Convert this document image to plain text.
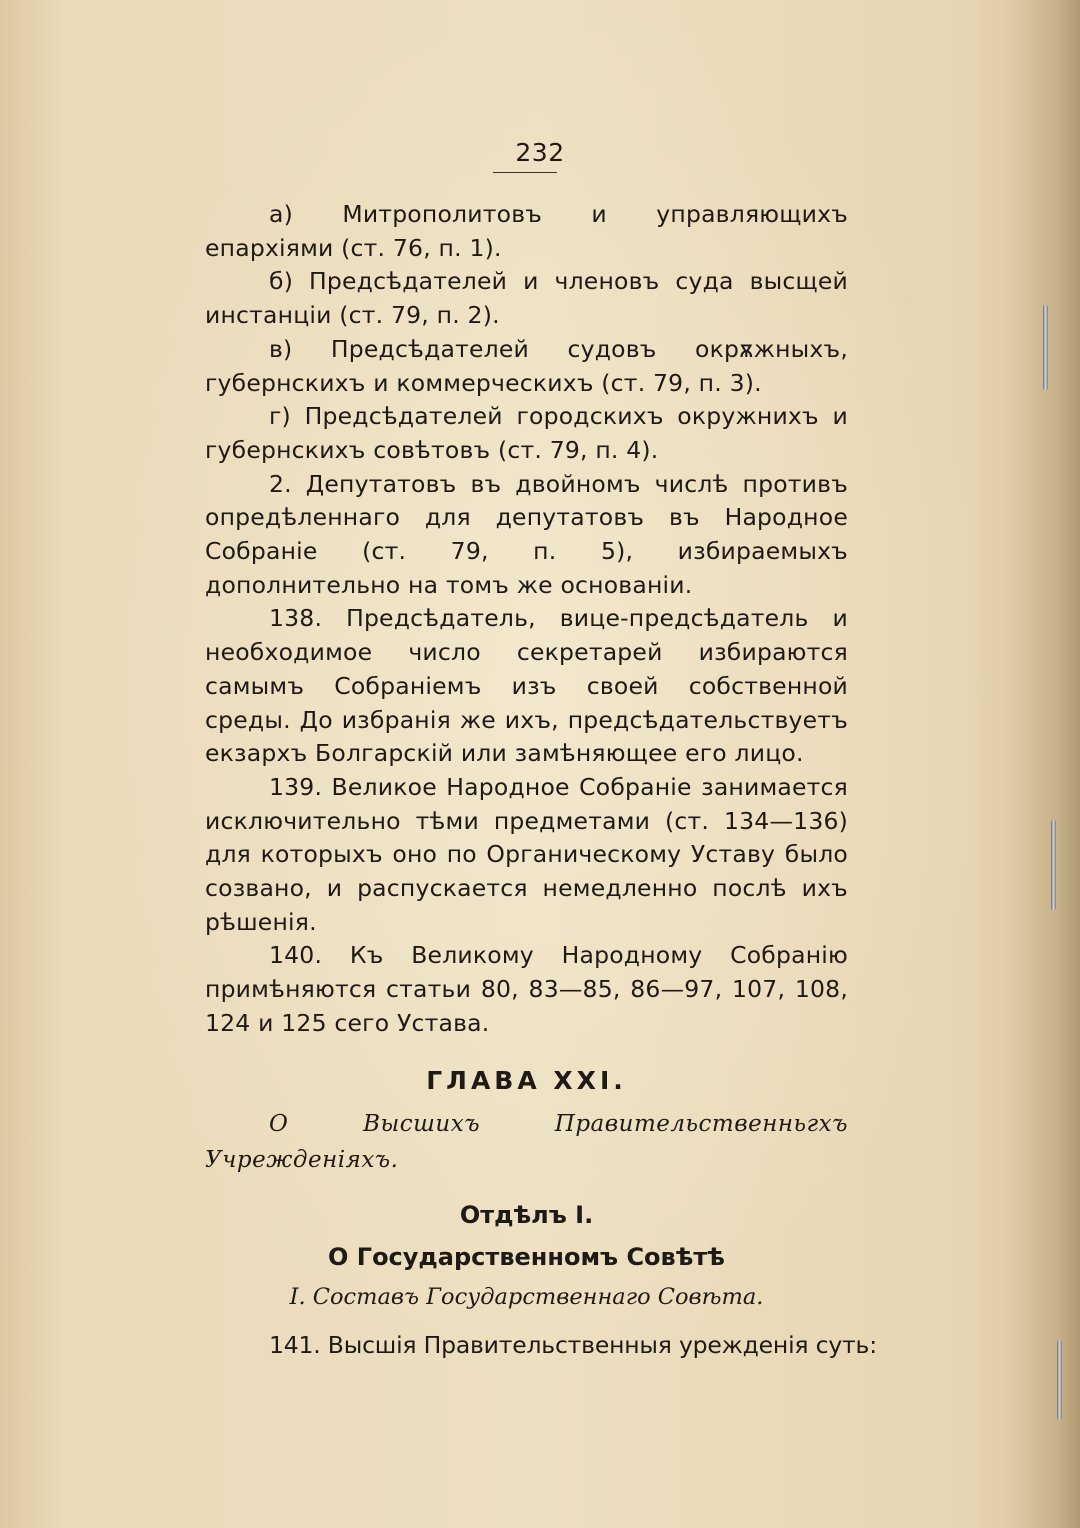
232

а) Митрополитовъ и управляющихъ епархіями (ст. 76, п. 1).

б) Предсѣдателей и членовъ суда высщей инстанціи (ст. 79, п. 2).

в) Предсѣдателей судовъ окрѫжныхъ, губернскихъ и коммерческихъ (ст. 79, п. 3).

г) Предсѣдателей городскихъ окружнихъ и губернскихъ совѣтовъ (ст. 79, п. 4).

2. Депутатовъ въ двойномъ числѣ противъ опредѣленнаго для депутатовъ въ Народное Собраніе (ст. 79, п. 5), избираемыхъ дополнительно на томъ же основаніи.

138. Предсѣдатель, вице-предсѣдатель и необходимое число секретарей избираются самымъ Собраніемъ изъ своей собственной среды. До избранія же ихъ, предсѣдательствуетъ екзархъ Болгарскій или замѣняющее его лицо.

139. Великое Народное Собраніе занимается исключительно тѣми предметами (ст. 134—136) для которыхъ оно по Органическому Уставу было созвано, и распускается немедленно послѣ ихъ рѣшенія.

140. Къ Великому Народному Собранію примѣняются статьи 80, 83—85, 86—97, 107, 108, 124 и 125 сего Устава.

ГЛАВА XXI.

О Высшихъ Правительственньгхъ Учрежденіяхъ.

Отдѣлъ I.
О Государственномъ Совѣтѣ

I. Составъ Государственнаго Совѣта.

141. Высшія Правительственныя урежденія суть:
